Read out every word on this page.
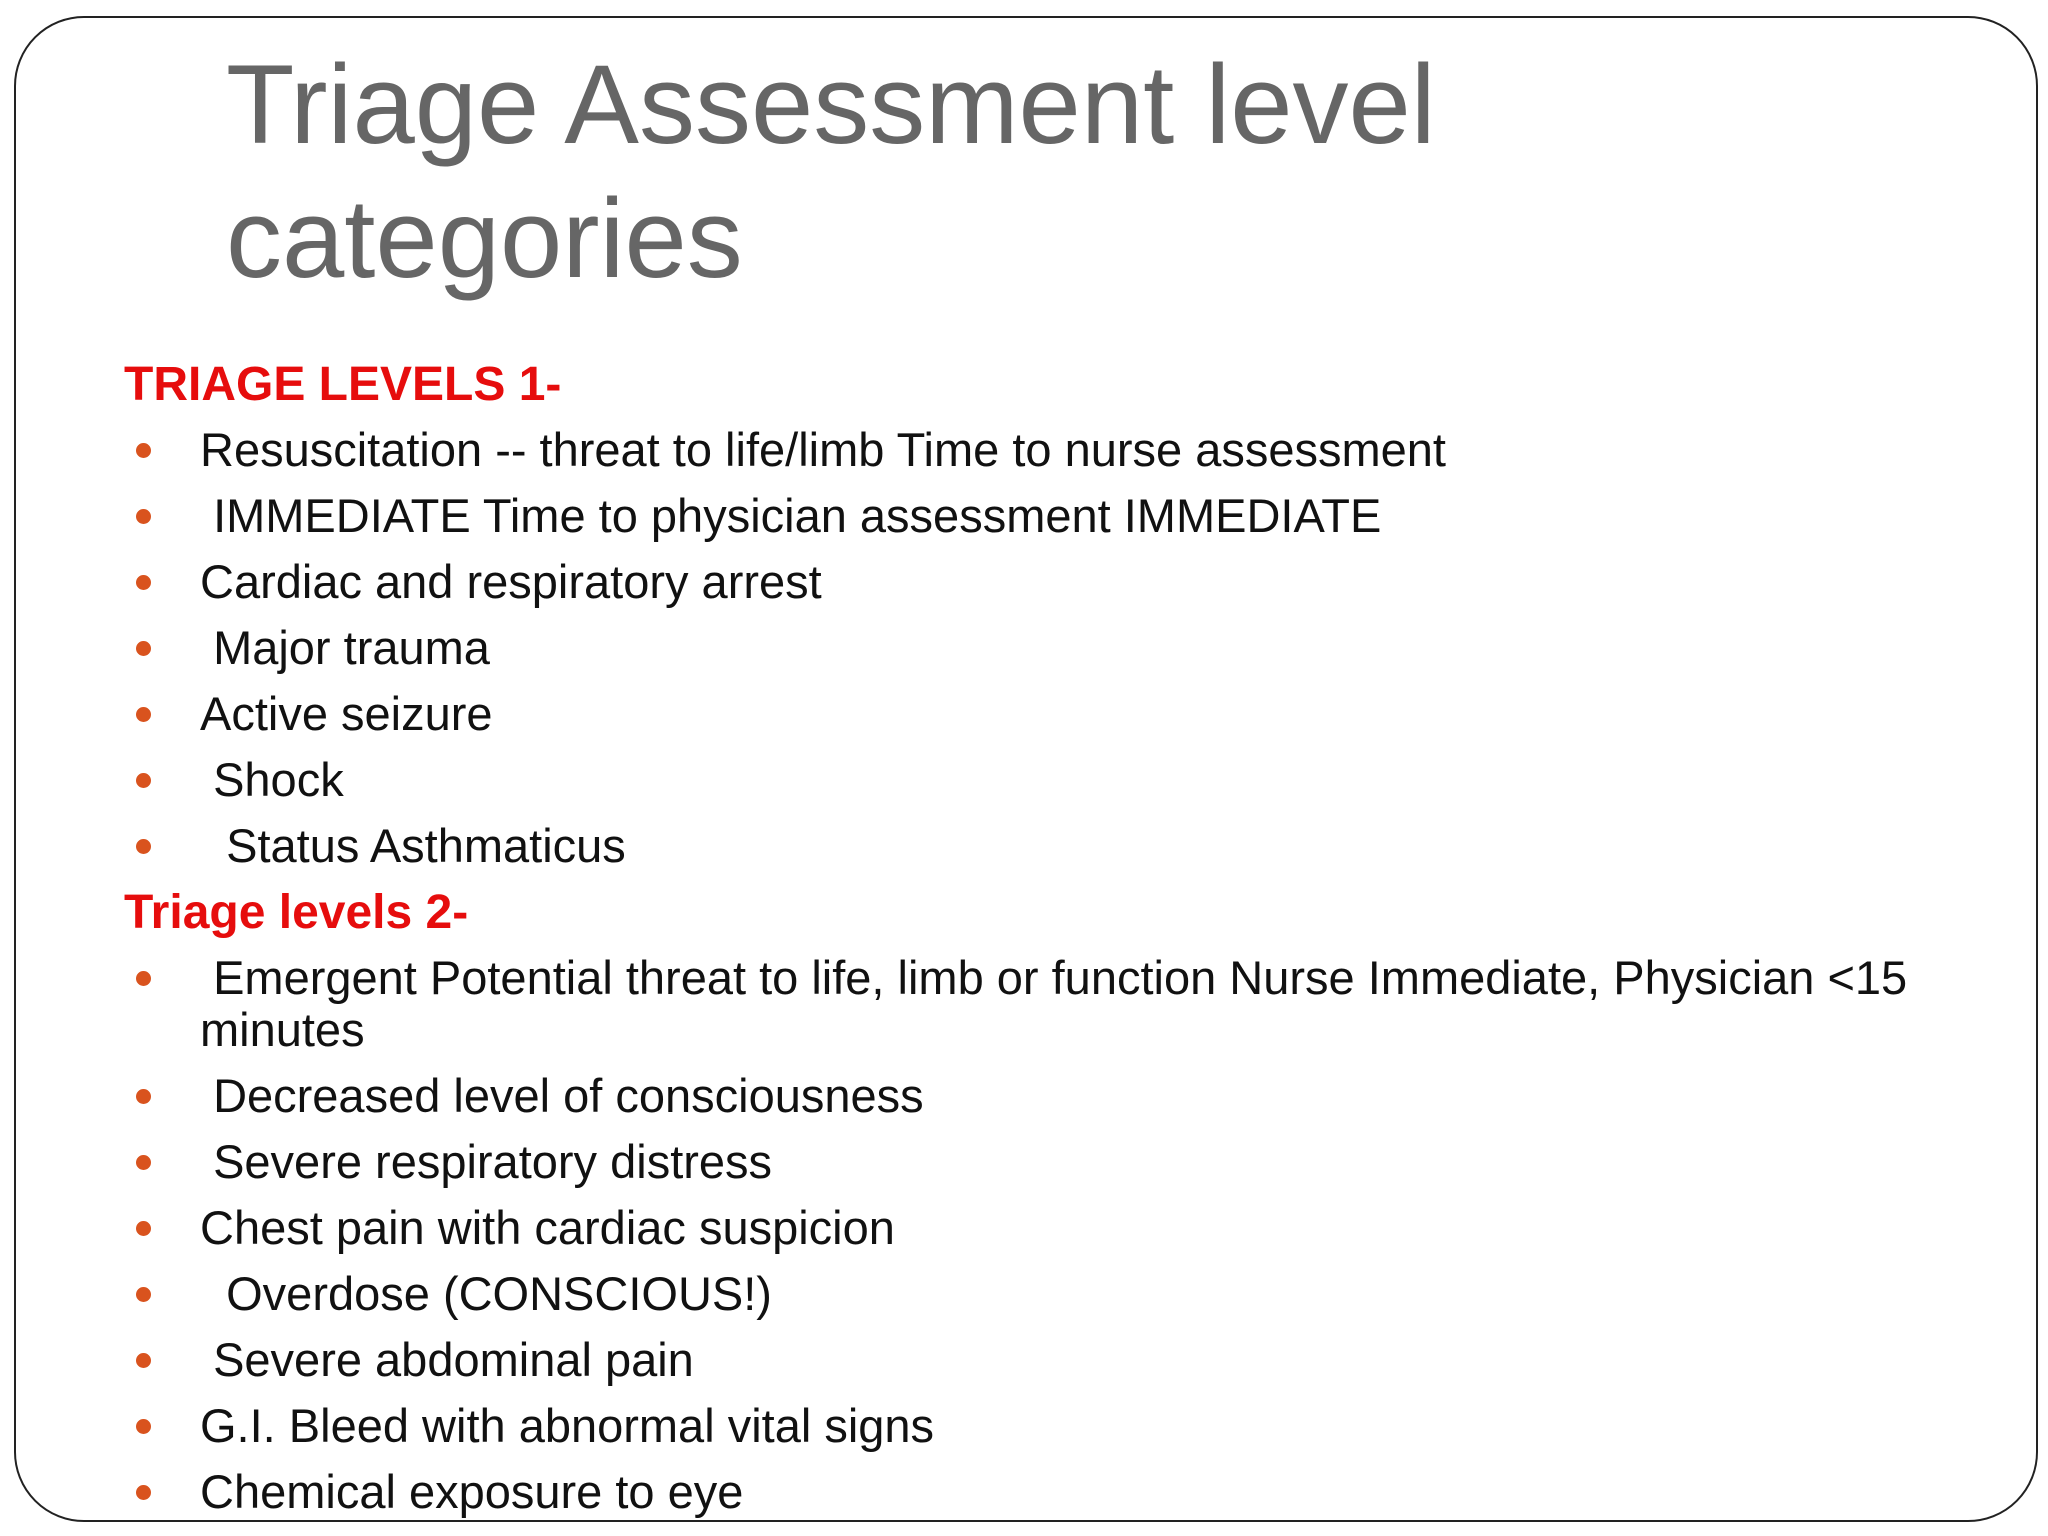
Triage Assessment level categories
TRIAGE LEVELS 1-
Resuscitation -- threat to life/limb Time to nurse assessment
IMMEDIATE Time to physician assessment IMMEDIATE
Cardiac and respiratory arrest
Major trauma
Active seizure
Shock
Status Asthmaticus
Triage levels 2-
Emergent Potential threat to life, limb or function Nurse Immediate, Physician <15 minutes
Decreased level of consciousness
Severe respiratory distress
Chest pain with cardiac suspicion
Overdose (CONSCIOUS!)
Severe abdominal pain
G.I. Bleed with abnormal vital signs
Chemical exposure to eye
